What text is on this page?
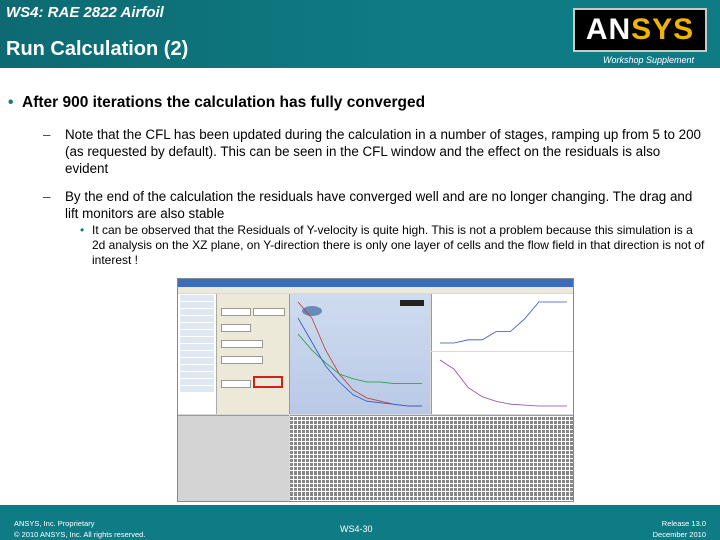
WS4: RAE 2822 Airfoil
Run Calculation (2)
ANSYS
Workshop Supplement
• After 900 iterations the calculation has fully converged
– Note that the CFL has been updated during the calculation in a number of stages, ramping up from 5 to 200 (as requested by default). This can be seen in the CFL window and the effect on the residuals is also evident
– By the end of the calculation the residuals have converged well and are no longer changing. The drag and lift monitors are also stable
• It can be observed that the Residuals of Y-velocity is quite high. This is not a problem because this simulation is a 2d analysis on the XZ plane, on Y-direction there is only one layer of cells and the flow field in that direction is not of interest !
ANSYS, Inc. Proprietary
© 2010 ANSYS, Inc. All rights reserved.
WS4-30
Release 13.0
December 2010
